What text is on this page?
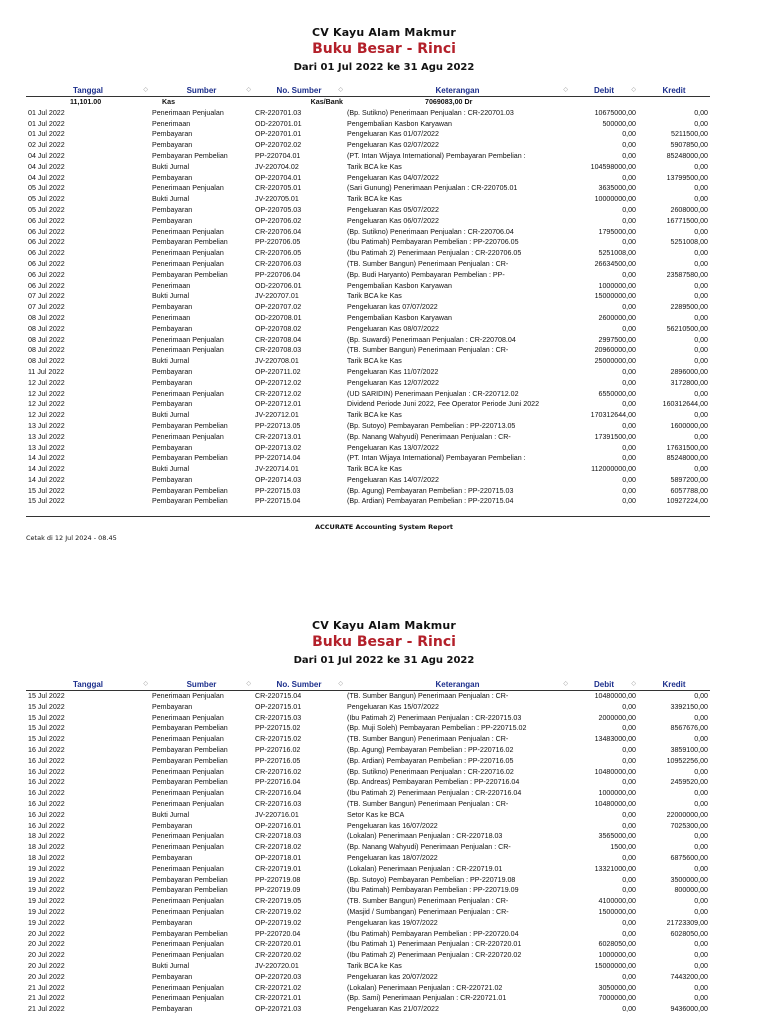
CV Kayu Alam Makmur
Buku Besar - Rinci
Dari 01 Jul 2022 ke 31 Agu 2022
Tanggal ◇	Sumber ◇	No. Sumber ◇	Keterangan ◇	Debit ◇	Kredit
11,101.00	Kas	Kas/Bank	7069083,00 Dr		
01 Jul 2022	Penerimaan Penjualan	CR-220701.03	(Bp. Sutikno) Penerimaan Penjualan : CR-220701.03	10675000,00	0,00
01 Jul 2022	Penerimaan	OD-220701.01	Pengembalian Kasbon Karyawan	500000,00	0,00
01 Jul 2022	Pembayaran	OP-220701.01	Pengeluaran Kas 01/07/2022	0,00	5211500,00
02 Jul 2022	Pembayaran	OP-220702.02	Pengeluaran Kas 02/07/2022	0,00	5907850,00
04 Jul 2022	Pembayaran Pembelian	PP-220704.01	(PT. Intan Wijaya International) Pembayaran Pembelian :	0,00	85248000,00
04 Jul 2022	Bukti Jurnal	JV-220704.02	Tarik BCA ke Kas	104598000,00	0,00
04 Jul 2022	Pembayaran	OP-220704.01	Pengeluaran Kas 04/07/2022	0,00	13799500,00
05 Jul 2022	Penerimaan Penjualan	CR-220705.01	(Sari Gunung) Penerimaan Penjualan : CR-220705.01	3635000,00	0,00
05 Jul 2022	Bukti Jurnal	JV-220705.01	Tarik BCA ke Kas	10000000,00	0,00
05 Jul 2022	Pembayaran	OP-220705.03	Pengeluaran Kas 05/07/2022	0,00	2608000,00
06 Jul 2022	Pembayaran	OP-220706.02	Pengeluaran Kas 06/07/2022	0,00	16771500,00
06 Jul 2022	Penerimaan Penjualan	CR-220706.04	(Bp. Sutikno) Penerimaan Penjualan : CR-220706.04	1795000,00	0,00
06 Jul 2022	Pembayaran Pembelian	PP-220706.05	(Ibu Patimah) Pembayaran Pembelian : PP-220706.05	0,00	5251008,00
06 Jul 2022	Penerimaan Penjualan	CR-220706.05	(Ibu Patimah 2) Penerimaan Penjualan : CR-220706.05	5251008,00	0,00
06 Jul 2022	Penerimaan Penjualan	CR-220706.03	(TB. Sumber Bangun) Penerimaan Penjualan : CR-	26634500,00	0,00
06 Jul 2022	Pembayaran Pembelian	PP-220706.04	(Bp. Budi Haryanto) Pembayaran Pembelian : PP-	0,00	23587580,00
06 Jul 2022	Penerimaan	OD-220706.01	Pengembalian Kasbon Karyawan	1000000,00	0,00
07 Jul 2022	Bukti Jurnal	JV-220707.01	Tarik BCA ke Kas	15000000,00	0,00
07 Jul 2022	Pembayaran	OP-220707.02	Pengeluaran kas 07/07/2022	0,00	2289500,00
08 Jul 2022	Penerimaan	OD-220708.01	Pengembalian Kasbon Karyawan	2600000,00	0,00
08 Jul 2022	Pembayaran	OP-220708.02	Pengeluaran Kas 08/07/2022	0,00	56210500,00
08 Jul 2022	Penerimaan Penjualan	CR-220708.04	(Bp. Suwardi) Penerimaan Penjualan : CR-220708.04	2997500,00	0,00
08 Jul 2022	Penerimaan Penjualan	CR-220708.03	(TB. Sumber Bangun) Penerimaan Penjualan : CR-	20960000,00	0,00
08 Jul 2022	Bukti Jurnal	JV-220708.01	Tarik BCA ke Kas	25000000,00	0,00
11 Jul 2022	Pembayaran	OP-220711.02	Pengeluaran Kas 11/07/2022	0,00	2896000,00
12 Jul 2022	Pembayaran	OP-220712.02	Pengeluaran Kas 12/07/2022	0,00	3172800,00
12 Jul 2022	Penerimaan Penjualan	CR-220712.02	(UD SARIDIN) Penerimaan Penjualan : CR-220712.02	6550000,00	0,00
12 Jul 2022	Pembayaran	OP-220712.01	Dividend Periode Juni 2022, Fee Operator Periode Juni 2022	0,00	160312644,00
12 Jul 2022	Bukti Jurnal	JV-220712.01	Tarik BCA ke Kas	170312644,00	0,00
13 Jul 2022	Pembayaran Pembelian	PP-220713.05	(Bp. Sutoyo) Pembayaran Pembelian : PP-220713.05	0,00	1600000,00
13 Jul 2022	Penerimaan Penjualan	CR-220713.01	(Bp. Nanang Wahyudi) Penerimaan Penjualan : CR-	17391500,00	0,00
13 Jul 2022	Pembayaran	OP-220713.02	Pengeluaran Kas 13/07/2022	0,00	17631500,00
14 Jul 2022	Pembayaran Pembelian	PP-220714.04	(PT. Intan Wijaya International) Pembayaran Pembelian :	0,00	85248000,00
14 Jul 2022	Bukti Jurnal	JV-220714.01	Tarik BCA ke Kas	112000000,00	0,00
14 Jul 2022	Pembayaran	OP-220714.03	Pengeluaran Kas 14/07/2022	0,00	5897200,00
15 Jul 2022	Pembayaran Pembelian	PP-220715.03	(Bp. Agung) Pembayaran Pembelian : PP-220715.03	0,00	6057788,00
15 Jul 2022	Pembayaran Pembelian	PP-220715.04	(Bp. Ardian) Pembayaran Pembelian : PP-220715.04	0,00	10927224,00
ACCURATE Accounting System Report
Cetak di 12 Jul 2024 - 08.45
CV Kayu Alam Makmur
Buku Besar - Rinci
Dari 01 Jul 2022 ke 31 Agu 2022
Tanggal ◇	Sumber ◇	No. Sumber ◇	Keterangan ◇	Debit ◇	Kredit
15 Jul 2022	Penerimaan Penjualan	CR-220715.04	(TB. Sumber Bangun) Penerimaan Penjualan : CR-	10480000,00	0,00
15 Jul 2022	Pembayaran	OP-220715.01	Pengeluaran Kas 15/07/2022	0,00	3392150,00
15 Jul 2022	Penerimaan Penjualan	CR-220715.03	(Ibu Patimah 2) Penerimaan Penjualan : CR-220715.03	2000000,00	0,00
15 Jul 2022	Pembayaran Pembelian	PP-220715.02	(Bp. Muji Soleh) Pembayaran Pembelian : PP-220715.02	0,00	8567676,00
15 Jul 2022	Penerimaan Penjualan	CR-220715.02	(TB. Sumber Bangun) Penerimaan Penjualan : CR-	13483000,00	0,00
16 Jul 2022	Pembayaran Pembelian	PP-220716.02	(Bp. Agung) Pembayaran Pembelian : PP-220716.02	0,00	3859100,00
16 Jul 2022	Pembayaran Pembelian	PP-220716.05	(Bp. Ardian) Pembayaran Pembelian : PP-220716.05	0,00	10952256,00
16 Jul 2022	Penerimaan Penjualan	CR-220716.02	(Bp. Sutikno) Penerimaan Penjualan : CR-220716.02	10480000,00	0,00
16 Jul 2022	Pembayaran Pembelian	PP-220716.04	(Bp. Andreas) Pembayaran Pembelian : PP-220716.04	0,00	2459520,00
16 Jul 2022	Penerimaan Penjualan	CR-220716.04	(Ibu Patimah 2) Penerimaan Penjualan : CR-220716.04	1000000,00	0,00
16 Jul 2022	Penerimaan Penjualan	CR-220716.03	(TB. Sumber Bangun) Penerimaan Penjualan : CR-	10480000,00	0,00
16 Jul 2022	Bukti Jurnal	JV-220716.01	Setor Kas ke BCA	0,00	22000000,00
16 Jul 2022	Pembayaran	OP-220716.01	Pengeluaran kas 16/07/2022	0,00	7025300,00
18 Jul 2022	Penerimaan Penjualan	CR-220718.03	(Lokalan) Penerimaan Penjualan : CR-220718.03	3565000,00	0,00
18 Jul 2022	Penerimaan Penjualan	CR-220718.02	(Bp. Nanang Wahyudi) Penerimaan Penjualan : CR-	1500,00	0,00
18 Jul 2022	Pembayaran	OP-220718.01	Pengeluaran kas 18/07/2022	0,00	6875600,00
19 Jul 2022	Penerimaan Penjualan	CR-220719.01	(Lokalan) Penerimaan Penjualan : CR-220719.01	13321000,00	0,00
19 Jul 2022	Pembayaran Pembelian	PP-220719.08	(Bp. Sutoyo) Pembayaran Pembelian : PP-220719.08	0,00	3500000,00
19 Jul 2022	Pembayaran Pembelian	PP-220719.09	(Ibu Patimah) Pembayaran Pembelian : PP-220719.09	0,00	800000,00
19 Jul 2022	Penerimaan Penjualan	CR-220719.05	(TB. Sumber Bangun) Penerimaan Penjualan : CR-	4100000,00	0,00
19 Jul 2022	Penerimaan Penjualan	CR-220719.02	(Masjid / Sumbangan) Penerimaan Penjualan : CR-	1500000,00	0,00
19 Jul 2022	Pembayaran	OP-220719.02	Pengeluaran kas 19/07/2022	0,00	21723309,00
20 Jul 2022	Pembayaran Pembelian	PP-220720.04	(Ibu Patimah) Pembayaran Pembelian : PP-220720.04	0,00	6028050,00
20 Jul 2022	Penerimaan Penjualan	CR-220720.01	(Ibu Patimah 1) Penerimaan Penjualan : CR-220720.01	6028050,00	0,00
20 Jul 2022	Penerimaan Penjualan	CR-220720.02	(Ibu Patimah 2) Penerimaan Penjualan : CR-220720.02	1000000,00	0,00
20 Jul 2022	Bukti Jurnal	JV-220720.01	Tarik BCA ke Kas	15000000,00	0,00
20 Jul 2022	Pembayaran	OP-220720.03	Pengeluaran kas 20/07/2022	0,00	7443200,00
21 Jul 2022	Penerimaan Penjualan	CR-220721.02	(Lokalan) Penerimaan Penjualan : CR-220721.02	3050000,00	0,00
21 Jul 2022	Penerimaan Penjualan	CR-220721.01	(Bp. Sami) Penerimaan Penjualan : CR-220721.01	7000000,00	0,00
21 Jul 2022	Pembayaran	OP-220721.03	Pengeluaran Kas 21/07/2022	0,00	9436000,00
